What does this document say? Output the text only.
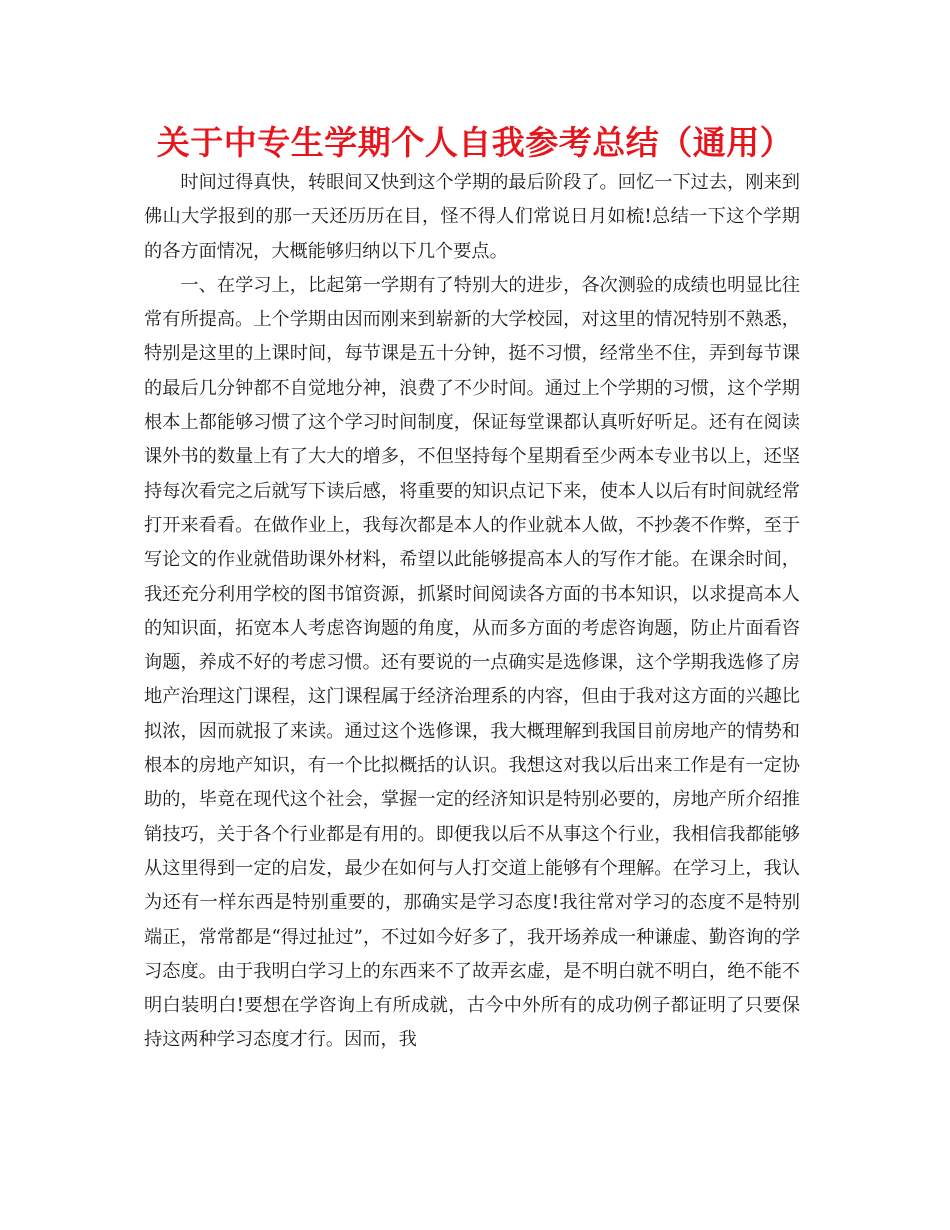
关于中专生学期个人自我参考总结（通用）

时间过得真快，转眼间又快到这个学期的最后阶段了。回忆一下过去，刚来到佛山大学报到的那一天还历历在目，怪不得人们常说日月如梳!总结一下这个学期的各方面情况，大概能够归纳以下几个要点。

一、在学习上，比起第一学期有了特别大的进步，各次测验的成绩也明显比往常有所提高。上个学期由因而刚来到崭新的大学校园，对这里的情况特别不熟悉，特别是这里的上课时间，每节课是五十分钟，挺不习惯，经常坐不住，弄到每节课的最后几分钟都不自觉地分神，浪费了不少时间。通过上个学期的习惯，这个学期根本上都能够习惯了这个学习时间制度，保证每堂课都认真听好听足。还有在阅读课外书的数量上有了大大的增多，不但坚持每个星期看至少两本专业书以上，还坚持每次看完之后就写下读后感，将重要的知识点记下来，使本人以后有时间就经常打开来看看。在做作业上，我每次都是本人的作业就本人做，不抄袭不作弊，至于写论文的作业就借助课外材料，希望以此能够提高本人的写作才能。在课余时间，我还充分利用学校的图书馆资源，抓紧时间阅读各方面的书本知识，以求提高本人的知识面，拓宽本人考虑咨询题的角度，从而多方面的考虑咨询题，防止片面看咨询题，养成不好的考虑习惯。还有要说的一点确实是选修课，这个学期我选修了房地产治理这门课程，这门课程属于经济治理系的内容，但由于我对这方面的兴趣比拟浓，因而就报了来读。通过这个选修课，我大概理解到我国目前房地产的情势和根本的房地产知识，有一个比拟概括的认识。我想这对我以后出来工作是有一定协助的，毕竟在现代这个社会，掌握一定的经济知识是特别必要的，房地产所介绍推销技巧，关于各个行业都是有用的。即便我以后不从事这个行业，我相信我都能够从这里得到一定的启发，最少在如何与人打交道上能够有个理解。在学习上，我认为还有一样东西是特别重要的，那确实是学习态度!我往常对学习的态度不是特别端正，常常都是“得过扯过”，不过如今好多了，我开场养成一种谦虚、勤咨询的学习态度。由于我明白学习上的东西来不了故弄玄虚，是不明白就不明白，绝不能不明白装明白!要想在学咨询上有所成就，古今中外所有的成功例子都证明了只要保持这两种学习态度才行。因而，我
